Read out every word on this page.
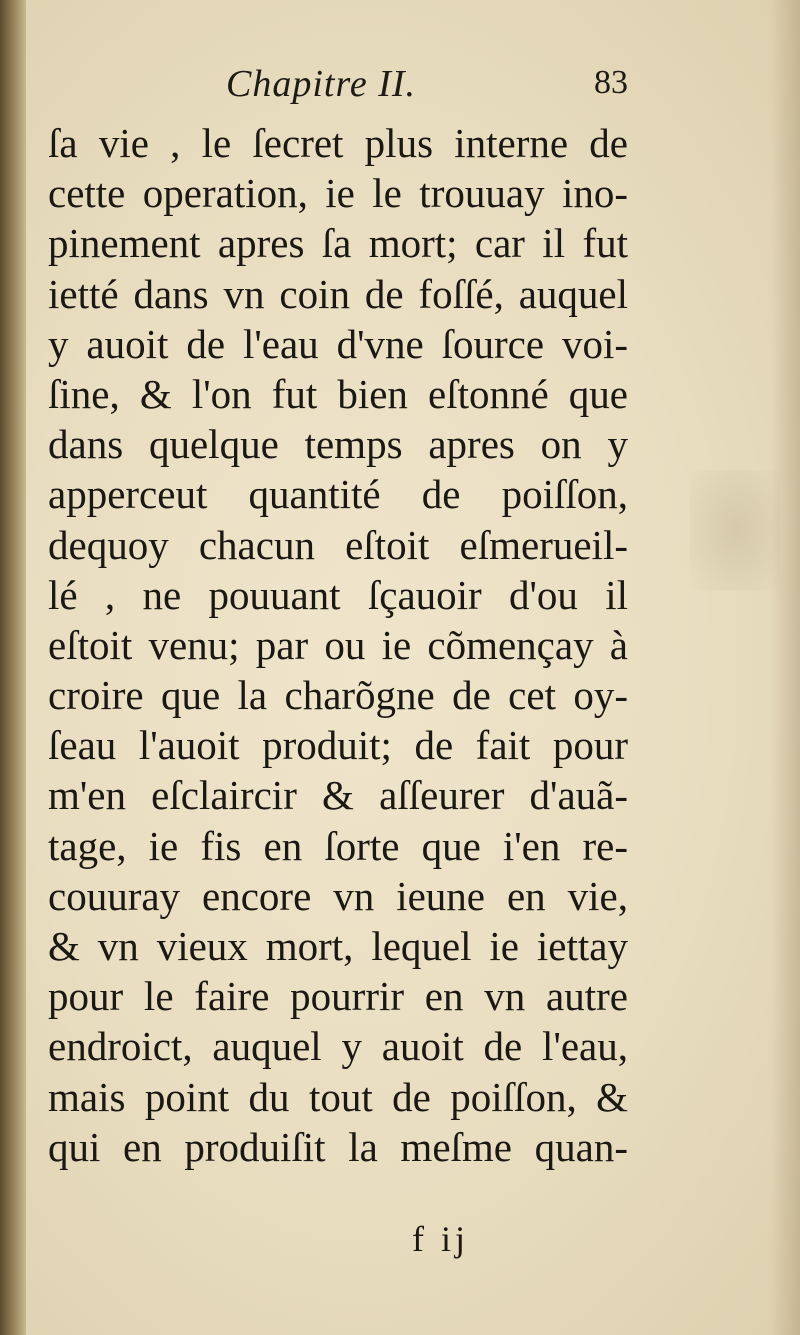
Chapitre II.	83
ſa vie , le ſecret plus interne de
cette operation, ie le trouuay ino-
pinement apres ſa mort; car il fut
ietté dans vn coin de foſſé, auquel
y auoit de l'eau d'vne ſource voi-
ſine, & l'on fut bien eſtonné que
dans quelque temps apres on y
apperceut quantité de poiſſon,
dequoy chacun eſtoit eſmerueil-
lé , ne pouuant ſçauoir d'ou il
eſtoit venu; par ou ie cõmençay à
croire que la charõgne de cet oy-
ſeau l'auoit produit; de fait pour
m'en eſclaircir & aſſeurer d'auã-
tage, ie fis en ſorte que i'en re-
couuray encore vn ieune en vie,
& vn vieux mort, lequel ie iettay
pour le faire pourrir en vn autre
endroict, auquel y auoit de l'eau,
mais point du tout de poiſſon, &
qui en produiſit la meſme quan-
f ij
